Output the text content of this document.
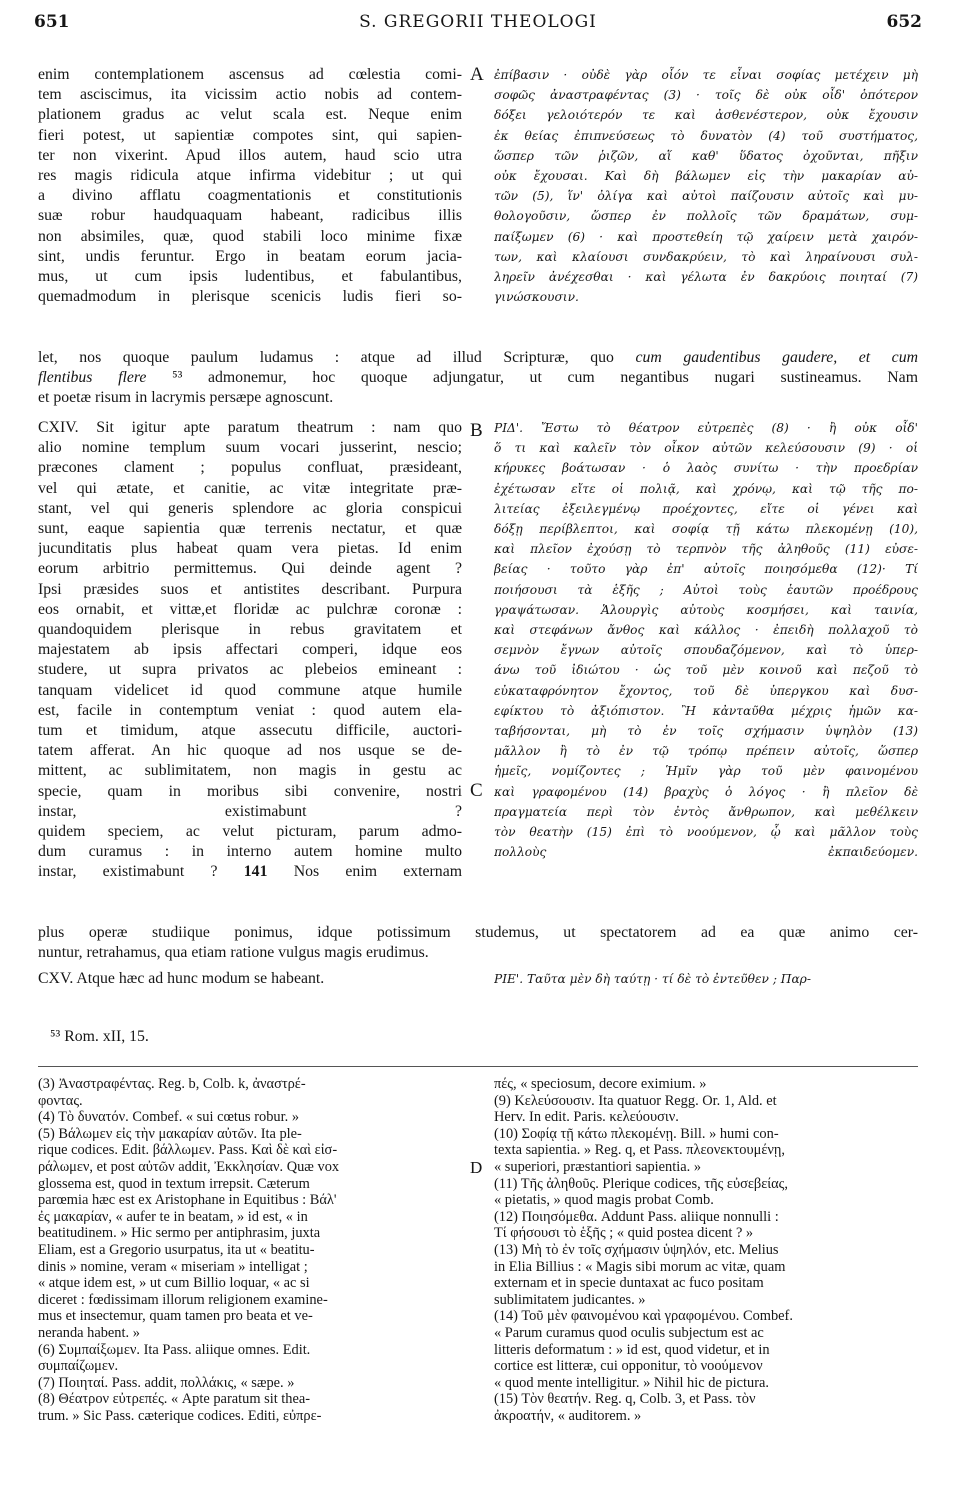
651	S. GREGORII THEOLOGI	652
enim contemplationem ascensus ad cœlestia comi-
tem asciscimus, ita vicissim actio nobis ad contem-
plationem gradus ac velut scala est. Neque enim
fieri potest, ut sapientiæ compotes sint, qui sapien-
ter non vixerint. Apud illos autem, haud scio utra
res magis ridicula atque infirma videbitur ; ut qui
a divino afflatu coagmentationis et constitutionis
suæ robur haudquaquam habeant, radicibus illis
non absimiles, quæ, quod stabili loco minime fixæ
sint, undis feruntur. Ergo in beatam eorum jacia-
mus, ut cum ipsis ludentibus, et fabulantibus,
quemadmodum in plerisque scenicis ludis fieri so-
A ἐπίβασιν · οὐδὲ γὰρ οἷόν τε εἶναι σοφίας μετέχειν μὴ
σοφῶς ἀναστραφέντας (3) · τοῖς δὲ οὐκ οἶδ' ὁπότερον
δόξει γελοιότερόν τε καὶ ἀσθενέστερον, οὐκ ἔχουσιν
ἐκ θείας ἐπιπνεύσεως τὸ δυνατὸν (4) τοῦ συστήματος,
ὥσπερ τῶν ῥιζῶν, αἵ καθ' ὕδατος ὀχοῦνται, πῆξιν
οὐκ ἔχουσαι. Καὶ δὴ βάλωμεν εἰς τὴν μακαρίαν αὐ-
τῶν (5), ἵν' ὀλίγα καὶ αὐτοὶ παίζουσιν αὐτοῖς καὶ μυ-
θολογοῦσιν, ὥσπερ ἐν πολλοῖς τῶν δραμάτων, συμ-
παίξωμεν (6) · καὶ προστεθείη τῷ χαίρειν μετὰ χαιρόν-
των, καὶ κλαίουσι συνδακρύειν, τὸ καὶ ληραίνουσι συλ-
ληρεῖν ἀνέχεσθαι · καὶ γέλωτα ἐν δακρύοις ποιηταί (7)
γινώσκουσιν.
let, nos quoque paulum ludamus : atque ad illud Scripturæ, quo cum gaudentibus gaudere, et cum
flentibus flere ⁵³ admonemur, hoc quoque adjungatur, ut cum negantibus nugari sustineamus. Nam
et poetæ risum in lacrymis persæpe agnoscunt.
CXIV. Sit igitur apte paratum theatrum : nam quo
alio nomine templum suum vocari jusserint, nescio;
præcones clament ; populus confluat, præsideant,
vel qui ætate, et canitie, ac vitæ integritate præ-
stant, vel qui generis splendore ac gloria conspicui
sunt, eaque sapientia quæ terrenis nectatur, et quæ
jucunditatis plus habeat quam vera pietas. Id enim
eorum arbitrio permittemus. Qui deinde agent ?
Ipsi præsides suos et antistites describant. Purpura
eos ornabit, et vittæ,et floridæ ac pulchræ coronæ :
quandoquidem plerisque in rebus gravitatem et
majestatem ab ipsis affectari comperi, idque eos
studere, ut supra privatos ac plebeios emineant :
tanquam videlicet id quod commune atque humile
est, facile in contemptum veniat : quod autem ela-
tum et timidum, atque assecutu difficile, auctori-
tatem afferat. An hic quoque ad nos usque se de-
mittent, ac sublimitatem, non magis in gestu ac
specie, quam in moribus sibi convenire, nostri
instar, existimabunt ?
quidem speciem, ac velut picturam, parum admo-
dum curamus : in interno autem homine multo
instar, existimabunt ? 141 Nos enim externam
B
C
ΡΙΔ'. Ἔστω τὸ θέατρον εὐτρεπὲς (8) · ἢ οὐκ οἶδ'
ὅ τι καὶ καλεῖν τὸν οἶκον αὐτῶν κελεύσουσιν (9) · οἱ
κήρυκες βοάτωσαν · ὁ λαὸς συνίτω · τὴν προεδρίαν
ἐχέτωσαν εἴτε οἱ πολιᾷ, καὶ χρόνῳ, καὶ τῷ τῆς πο-
λιτείας ἐξειλεγμένῳ προέχοντες, εἴτε οἱ γένει καὶ
δόξῃ περίβλεπτοι, καὶ σοφίᾳ τῇ κάτω πλεκομένῃ (10),
καὶ πλεῖον ἐχούσῃ τὸ τερπνὸν τῆς ἀληθοῦς (11) εὐσε-
βείας · τοῦτο γὰρ ἐπ' αὐτοῖς ποιησόμεθα (12)· Τί
ποιήσουσι τὰ ἑξῆς ; Αὐτοὶ τοὺς ἑαυτῶν προέδρους
γραψάτωσαν. Ἁλουργὶς αὐτοὺς κοσμήσει, καὶ ταινία,
καὶ στεφάνων ἄνθος καὶ κάλλος · ἐπειδὴ πολλαχοῦ τὸ
σεμνὸν ἔγνων αὐτοῖς σπουδαζόμενον, καὶ τὸ ὑπερ-
άνω τοῦ ἰδιώτου · ὡς τοῦ μὲν κοινοῦ καὶ πεζοῦ τὸ
εὐκαταφρόνητον ἔχοντος, τοῦ δὲ ὑπεργκου καὶ δυσ-
εφίκτου τὸ ἀξιόπιστον. Ἢ κἀνταῦθα μέχρις ἡμῶν κα-
ταβήσονται, μὴ τὸ ἐν τοῖς σχήμασιν ὑψηλὸν (13)
μᾶλλον ἢ τὸ ἐν τῷ τρόπῳ πρέπειν αὐτοῖς, ὥσπερ
ἡμεῖς, νομίζοντες ; Ἡμῖν γὰρ τοῦ μὲν φαινομένου
καὶ γραφομένου (14) βραχὺς ὁ λόγος · ἢ πλεῖον δὲ
πραγματεία περὶ τὸν ἐντὸς ἄνθρωπον, καὶ μεθέλκειν
τὸν θεατὴν (15) ἐπὶ τὸ νοούμενον, ᾧ καὶ μᾶλλον τοὺς
πολλοὺς ἐκπαιδεύομεν.
plus operæ studiique ponimus, idque potissimum studemus, ut spectatorem ad ea quæ animo cer-
nuntur, retrahamus, qua etiam ratione vulgus magis erudimus.
CXV. Atque hæc ad hunc modum se habeant.	ΡΙΕ'. Ταῦτα μὲν δὴ ταύτῃ · τί δὲ τὸ ἐντεῦθεν ; Παρ-
⁵³ Rom. xII, 15.
(3) Ἀναστραφέντας. Reg. b, Colb. k, ἀναστρέ-
φοντας.
(4) Τὸ δυνατόν. Combef. « sui cœtus robur. »
(5) Βάλωμεν εἰς τὴν μακαρίαν αὐτῶν. Ita ple-
rique codices. Edit. βάλλωμεν. Pass. Καὶ δὲ καὶ εἰσ-
ράλωμεν, et post αὐτῶν addit, Ἐκκλησίαν. Quæ vox
glossema est, quod in textum irrepsit. Cæterum
parœmia hæc est ex Aristophane in Equitibus : Βάλ'
ἐς μακαρίαν, « aufer te in beatam, » id est, « in
beatitudinem. » Hic sermo per antiphrasim, juxta
Eliam, est a Gregorio usurpatus, ita ut « beatitu-
dinis » nomine, veram « miseriam » intelligat ;
« atque idem est, » ut cum Billio loquar, « ac si
diceret : fœdissimam illorum religionem examine-
mus et insectemur, quam tamen pro beata et ve-
neranda habent. »
(6) Συμπαίξωμεν. Ita Pass. aliique omnes. Edit.
συμπαίζωμεν.
(7) Ποιηταί. Pass. addit, πολλάκις, « sæpe. »
(8) Θέατρον εὐτρεπές. « Apte paratum sit thea-
trum. » Sic Pass. cæterique codices. Editi, εὐπρε-
D
πές, « speciosum, decore eximium. »
(9) Κελεύσουσιν. Ita quatuor Regg. Or. 1, Ald. et
Herv. In edit. Paris. κελεύουσιν.
(10) Σοφίᾳ τῇ κάτω πλεκομένῃ. Bill. » humi con-
texta sapientia. » Reg. q, et Pass. πλεονεκτουμένῃ,
« superiori, præstantiori sapientia. »
(11) Τῆς ἀληθοῦς. Plerique codices, τῆς εὐσεβείας,
« pietatis, » quod magis probat Comb.
(12) Ποιησόμεθα. Addunt Pass. aliique nonnulli :
Τί φήσουσι τὸ ἑξῆς ; « quid postea dicent ? »
(13) Μὴ τὸ ἐν τοῖς σχήμασιν ὑψηλόν, etc. Melius
in Elia Billius : « Magis sibi morum ac vitæ, quam
externam et in specie duntaxat ac fuco positam
sublimitatem judicantes. »
(14) Τοῦ μὲν φαινομένου καὶ γραφομένου. Combef.
« Parum curamus quod oculis subjectum est ac
litteris deformatum : » id est, quod videtur, et in
cortice est litteræ, cui opponitur, τὸ νοούμενον
« quod mente intelligitur. » Nihil hic de pictura.
(15) Τὸν θεατήν. Reg. q, Colb. 3, et Pass. τὸν
ἀκροατήν, « auditorem. »
